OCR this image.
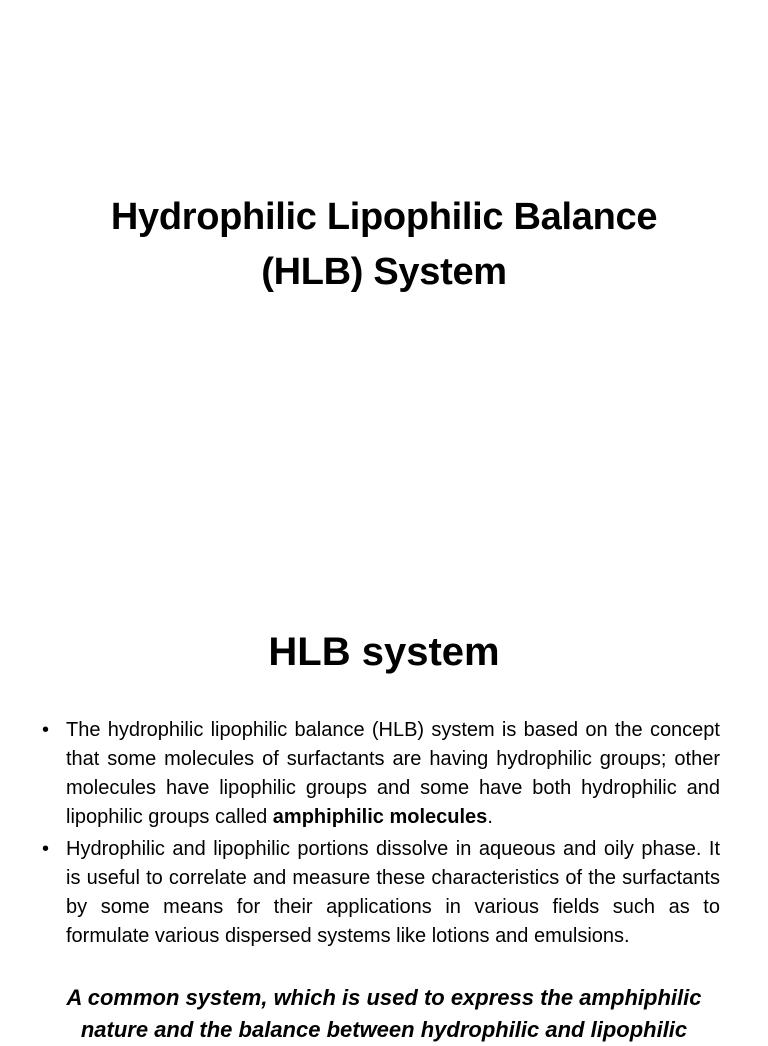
Hydrophilic Lipophilic Balance
(HLB) System
HLB system
• The hydrophilic lipophilic balance (HLB) system is based on the concept that some molecules of surfactants are having hydrophilic groups; other molecules have lipophilic groups and some have both hydrophilic and lipophilic groups called amphiphilic molecules.
• Hydrophilic and lipophilic portions dissolve in aqueous and oily phase. It is useful to correlate and measure these characteristics of the surfactants by some means for their applications in various fields such as to formulate various dispersed systems like lotions and emulsions.
A common system, which is used to express the amphiphilic
nature and the balance between hydrophilic and lipophilic
